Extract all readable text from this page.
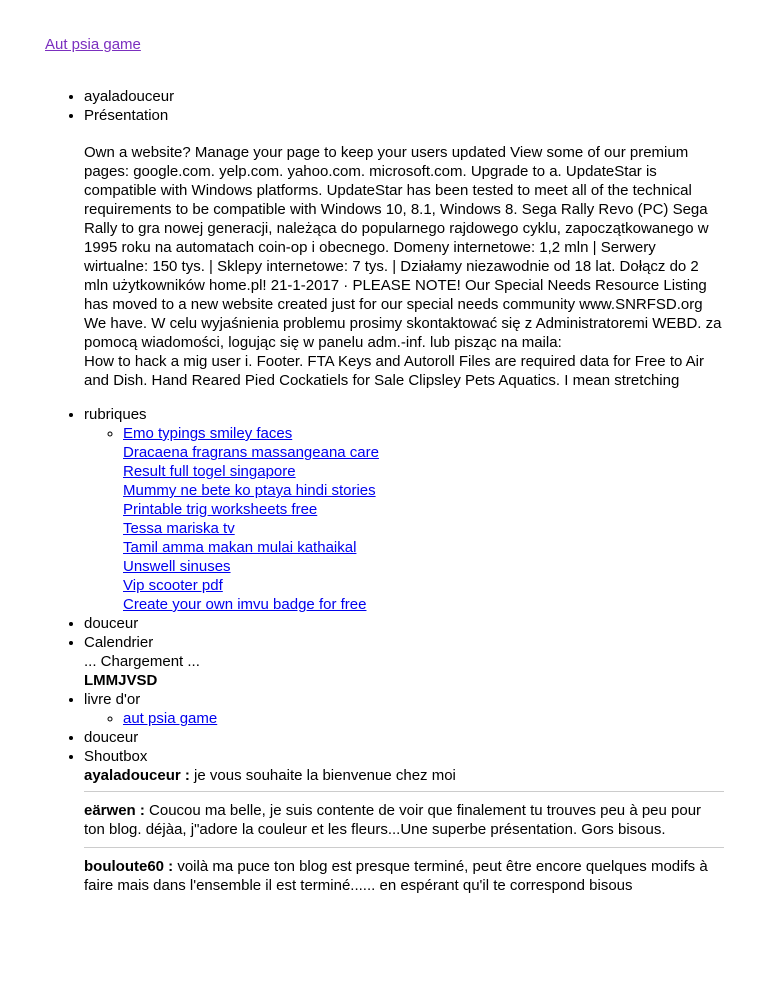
Aut psia game
• ayaladouceur
• Présentation
Own a website? Manage your page to keep your users updated View some of our premium pages: google.com. yelp.com. yahoo.com. microsoft.com. Upgrade to a. UpdateStar is compatible with Windows platforms. UpdateStar has been tested to meet all of the technical requirements to be compatible with Windows 10, 8.1, Windows 8. Sega Rally Revo (PC) Sega Rally to gra nowej generacji, należąca do popularnego rajdowego cyklu, zapoczątkowanego w 1995 roku na automatach coin-op i obecnego. Domeny internetowe: 1,2 mln | Serwery wirtualne: 150 tys. | Sklepy internetowe: 7 tys. | Działamy niezawodnie od 18 lat. Dołącz do 2 mln użytkowników home.pl! 21-1-2017 · PLEASE NOTE! Our Special Needs Resource Listing has moved to a new website created just for our special needs community www.SNRFSD.org We have. W celu wyjaśnienia problemu prosimy skontaktować się z Administratoremi WEBD. za pomocą wiadomości, logując się w panelu adm.-inf. lub pisząc na maila:
How to hack a mig user i. Footer. FTA Keys and Autoroll Files are required data for Free to Air and Dish. Hand Reared Pied Cockatiels for Sale Clipsley Pets Aquatics. I mean stretching
• rubriques
◦ Emo typings smiley faces
Dracaena fragrans massangeana care
Result full togel singapore
Mummy ne bete ko ptaya hindi stories
Printable trig worksheets free
Tessa mariska tv
Tamil amma makan mulai kathaikal
Unswell sinuses
Vip scooter pdf
Create your own imvu badge for free
• douceur
• Calendrier
... Chargement ...
LMMJVSD
• livre d'or
◦ aut psia game
• douceur
• Shoutbox
ayaladouceur : je vous souhaite la bienvenue chez moi
eärwen : Coucou ma belle, je suis contente de voir que finalement tu trouves peu à peu pour ton blog. déjàa, j"adore la couleur et les fleurs...Une superbe présentation. Gors bisous.
bouloute60 : voilà ma puce ton blog est presque terminé, peut être encore quelques modifs à faire mais dans l'ensemble il est terminé...... en espérant qu'il te correspond bisous
